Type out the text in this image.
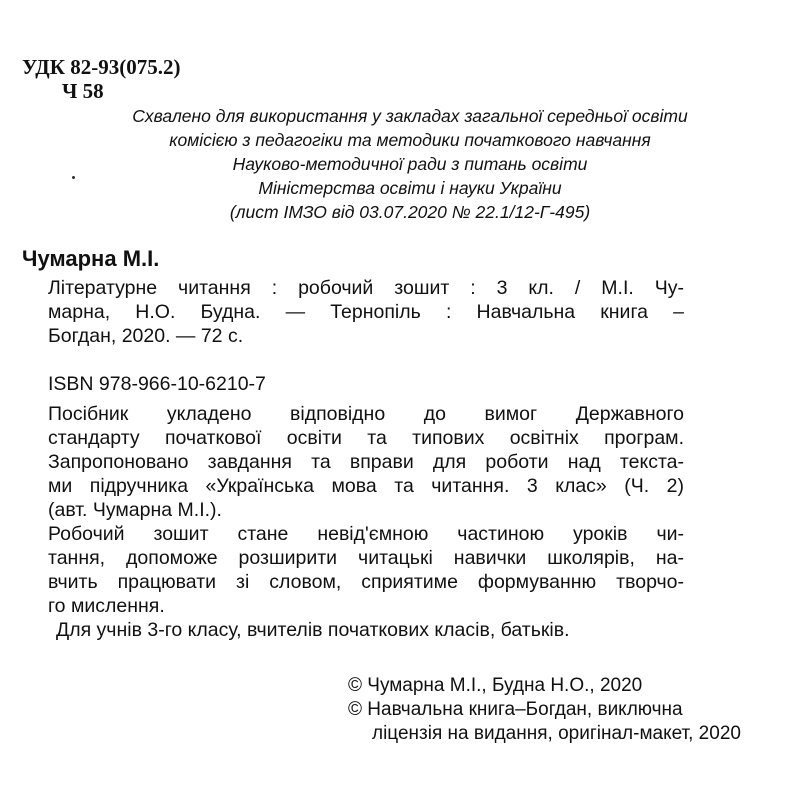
УДК 82-93(075.2)
Ч 58
Схвалено для використання у закладах загальної середньої освіти
комісією з педагогіки та методики початкового навчання
Науково-методичної ради з питань освіти
Міністерства освіти і науки України
(лист ІМЗО від 03.07.2020 № 22.1/12-Г-495)
Чумарна М.І.
Літературне читання : робочий зошит : 3 кл. / М.І. Чу-
марна, Н.О. Будна. — Тернопіль : Навчальна книга –
Богдан, 2020. — 72 с.
ISBN 978-966-10-6210-7
Посібник укладено відповідно до вимог Державного
стандарту початкової освіти та типових освітніх програм.
Запропоновано завдання та вправи для роботи над текста-
ми підручника «Українська мова та читання. 3 клас» (Ч. 2)
(авт. Чумарна М.І.).
Робочий зошит стане невід'ємною частиною уроків чи-
тання, допоможе розширити читацькі навички школярів, на-
вчить працювати зі словом, сприятиме формуванню творчо-
го мислення.
Для учнів 3-го класу, вчителів початкових класів, батьків.
© Чумарна М.І., Будна Н.О., 2020
© Навчальна книга–Богдан, виключна
ліцензія на видання, оригінал-макет, 2020
